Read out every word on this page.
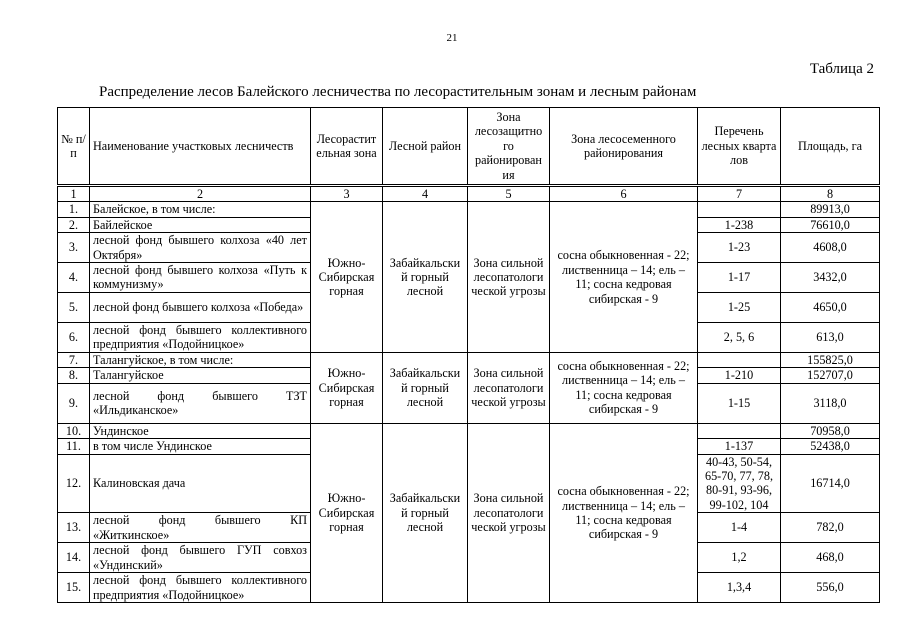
21
Таблица 2
Распределение лесов Балейского лесничества по лесорастительным зонам и лесным районам
№ п/п	Наименование участковых лесничеств	Лесорастит ельная зона	Лесной район	Зона лесозащитно го районирован ия	Зона лесосеменного районирования	Перечень лесных кварта лов	Площадь, га

1	2	3	4	5	6	7	8
1.	Балейское, в том числе:	Южно-Сибирская горная	Забайкальски й горный лесной	Зона сильной лесопатологи ческой угрозы	сосна обыкновенная - 22; лиственница – 14; ель – 11; сосна кедровая сибирская - 9		89913,0
2.	Байлейское					1-238	76610,0
3.	лесной фонд бывшего колхоза «40 лет Октября»					1-23	4608,0
4.	лесной фонд бывшего колхоза «Путь к коммунизму»					1-17	3432,0
5.	лесной фонд бывшего колхоза «Победа»					1-25	4650,0
6.	лесной фонд бывшего коллективного предприятия «Подойницкое»					2, 5, 6	613,0
7.	Талангуйское, в том числе:	Южно-Сибирская горная	Забайкальски й горный лесной	Зона сильной лесопатологи ческой угрозы	сосна обыкновенная - 22; лиственница – 14; ель – 11; сосна кедровая сибирская - 9		155825,0
8.	Талангуйское					1-210	152707,0
9.	лесной фонд бывшего ТЗТ «Ильдиканское»					1-15	3118,0
10.	Ундинское	Южно-Сибирская горная	Забайкальски й горный лесной	Зона сильной лесопатологи ческой угрозы	сосна обыкновенная - 22; лиственница – 14; ель – 11; сосна кедровая сибирская - 9		70958,0
11.	в том числе Ундинское					1-137	52438,0
12.	Калиновская дача					40-43, 50-54, 65-70, 77, 78, 80-91, 93-96, 99-102, 104	16714,0
13.	лесной фонд бывшего КП «Житкинское»					1-4	782,0
14.	лесной фонд бывшего ГУП совхоз «Ундинский»					1,2	468,0
15.	лесной фонд бывшего коллективного предприятия «Подойницкое»					1,3,4	556,0
